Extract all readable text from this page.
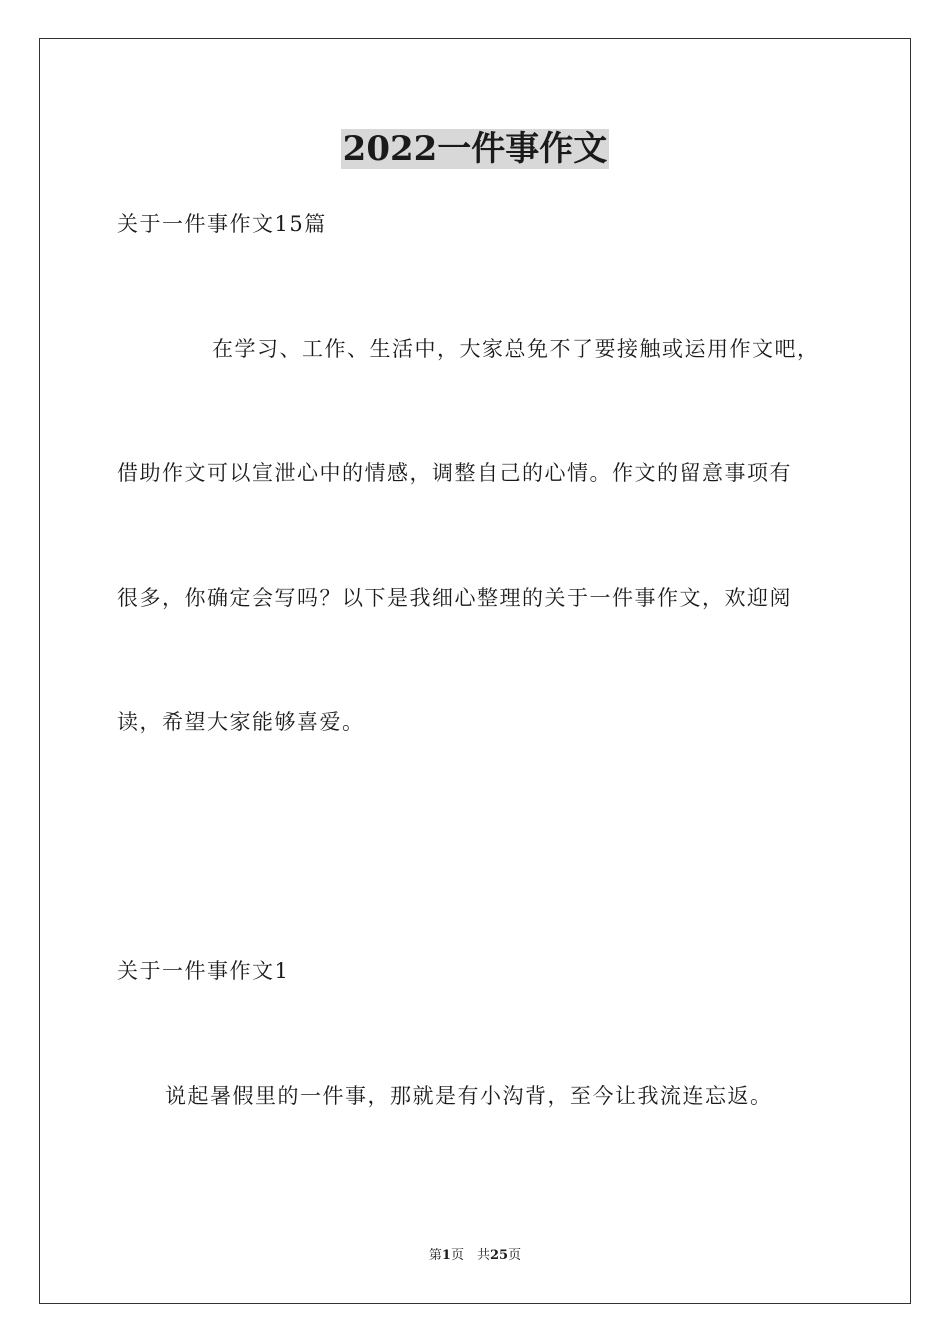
2022一件事作文
关于一件事作文15篇
在学习、工作、生活中，大家总免不了要接触或运用作文吧，
借助作文可以宣泄心中的情感，调整自己的心情。作文的留意事项有
很多，你确定会写吗？以下是我细心整理的关于一件事作文，欢迎阅
读，希望大家能够喜爱。
关于一件事作文1
说起暑假里的一件事，那就是有小沟背，至今让我流连忘返。
第1页　共25页
